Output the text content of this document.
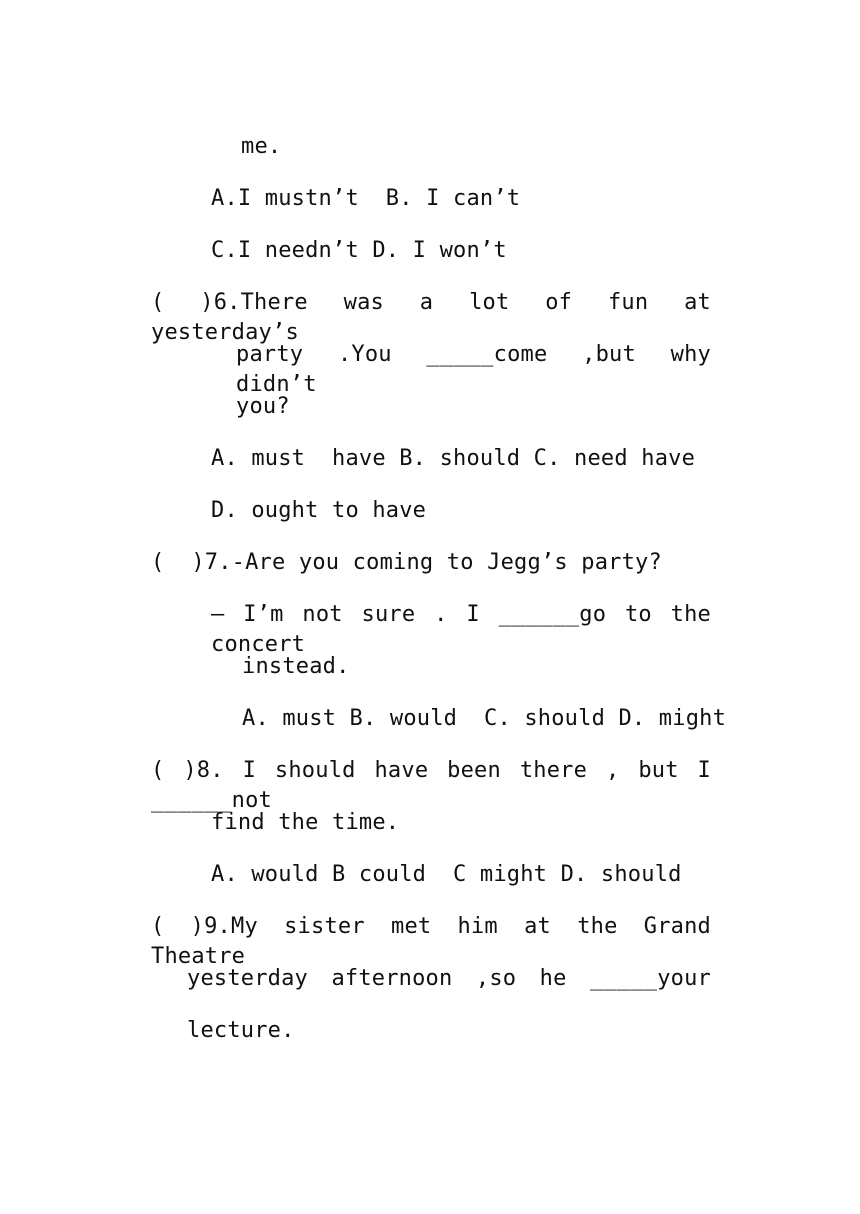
me.
A.I mustn’t  B. I can’t
C.I needn’t D. I won’t
( )6.There was a lot of fun at yesterday’s
party .You _____come ,but why didn’t
you?
A. must  have B. should C. need have
D. ought to have
(  )7.-Are you coming to Jegg’s party?
– I’m not sure . I ______go to the concert
instead.
A. must B. would  C. should D. might
( )8. I should have been there , but I ______not
find the time.
A. would B could  C might D. should
( )9.My sister met him at the Grand Theatre
yesterday afternoon ,so he _____your
lecture.
